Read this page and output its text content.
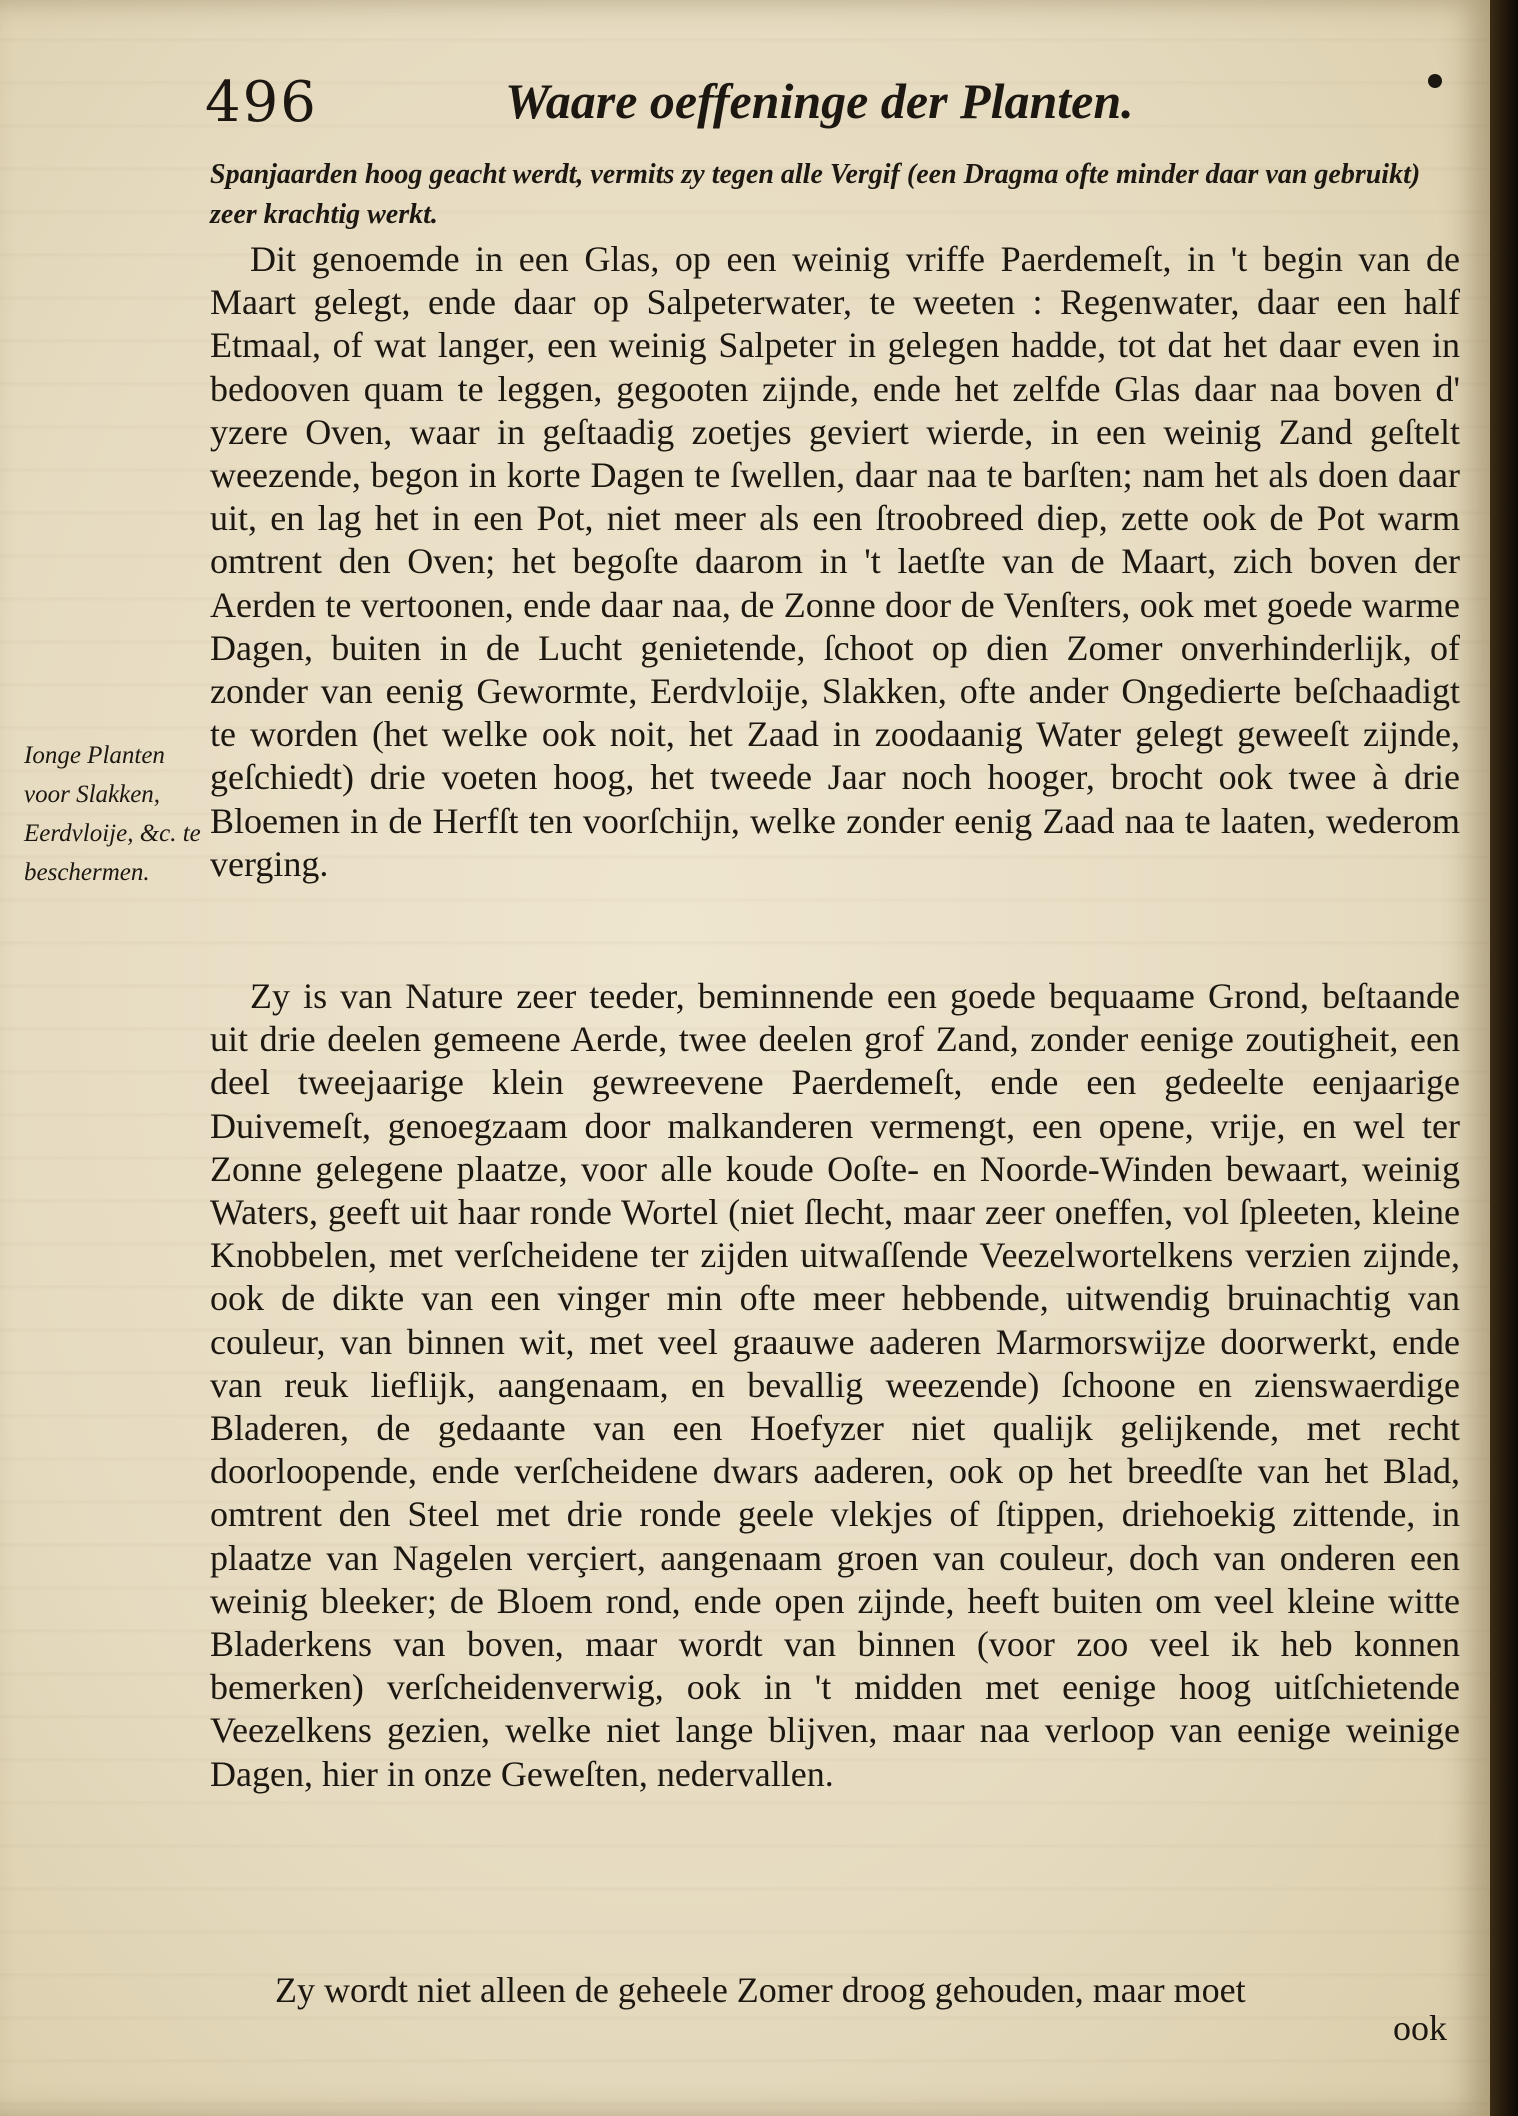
496	Waare oeffeninge der Planten.

Spanjaarden hoog geacht werdt, vermits zy tegen alle Vergif (een Dragma ofte minder daar van gebruikt) zeer krachtig werkt.

Dit genoemde in een Glas, op een weinig vriffe Paerdemeſt, in 't begin van de Maart gelegt, ende daar op Salpeterwater, te weeten : Regenwater, daar een half Etmaal, of wat langer, een weinig Salpeter in gelegen hadde, tot dat het daar even in bedooven quam te leggen, gegooten zijnde, ende het zelfde Glas daar naa boven d' yzere Oven, waar in geſtaadig zoetjes geviert wierde, in een weinig Zand geſtelt weezende, begon in korte Dagen te ſwellen, daar naa te barſten; nam het als doen daar uit, en lag het in een Pot, niet meer als een ſtroobreed diep, zette ook de Pot warm omtrent den Oven; het begoſte daarom in 't laetſte van de Maart, zich boven der Aerden te vertoonen, ende daar naa, de Zonne door de Venſters, ook met goede warme Dagen, buiten in de Lucht genietende, ſchoot op dien Zomer onverhinderlijk, of zonder van eenig Gewormte, Eerdvloije, Slakken, ofte ander Ongedierte beſchaadigt te worden (het welke ook noit, het Zaad in zoodaanig Water gelegt geweeſt zijnde, geſchiedt) drie voeten hoog, het tweede Jaar noch hooger, brocht ook twee à drie Bloemen in de Herfſt ten voorſchijn, welke zonder eenig Zaad naa te laaten, wederom verging.

Zy is van Nature zeer teeder, beminnende een goede bequaame Grond, beſtaande uit drie deelen gemeene Aerde, twee deelen grof Zand, zonder eenige zoutigheit, een deel tweejaarige klein gewreevene Paerdemeſt, ende een gedeelte eenjaarige Duivemeſt, genoegzaam door malkanderen vermengt, een opene, vrije, en wel ter Zonne gelegene plaatze, voor alle koude Ooſte- en Noorde-Winden bewaart, weinig Waters, geeft uit haar ronde Wortel (niet ſlecht, maar zeer oneffen, vol ſpleeten, kleine Knobbelen, met verſcheidene ter zijden uitwaſſende Veezelwortelkens verzien zijnde, ook de dikte van een vinger min ofte meer hebbende, uitwendig bruinachtig van couleur, van binnen wit, met veel graauwe aaderen Marmorswijze doorwerkt, ende van reuk lieflijk, aangenaam, en bevallig weezende) ſchoone en zienswaerdige Bladeren, de gedaante van een Hoefyzer niet qualijk gelijkende, met recht doorloopende, ende verſcheidene dwars aaderen, ook op het breedſte van het Blad, omtrent den Steel met drie ronde geele vlekjes of ſtippen, driehoekig zittende, in plaatze van Nagelen verçiert, aangenaam groen van couleur, doch van onderen een weinig bleeker; de Bloem rond, ende open zijnde, heeft buiten om veel kleine witte Bladerkens van boven, maar wordt van binnen (voor zoo veel ik heb konnen bemerken) verſcheidenverwig, ook in 't midden met eenige hoog uitſchietende Veezelkens gezien, welke niet lange blijven, maar naa verloop van eenige weinige Dagen, hier in onze Geweſten, nedervallen.

Zy wordt niet alleen de geheele Zomer droog gehouden, maar moet

Ionge Planten voor Slakken, Eerdvloije, &c. te beschermen.

ook
